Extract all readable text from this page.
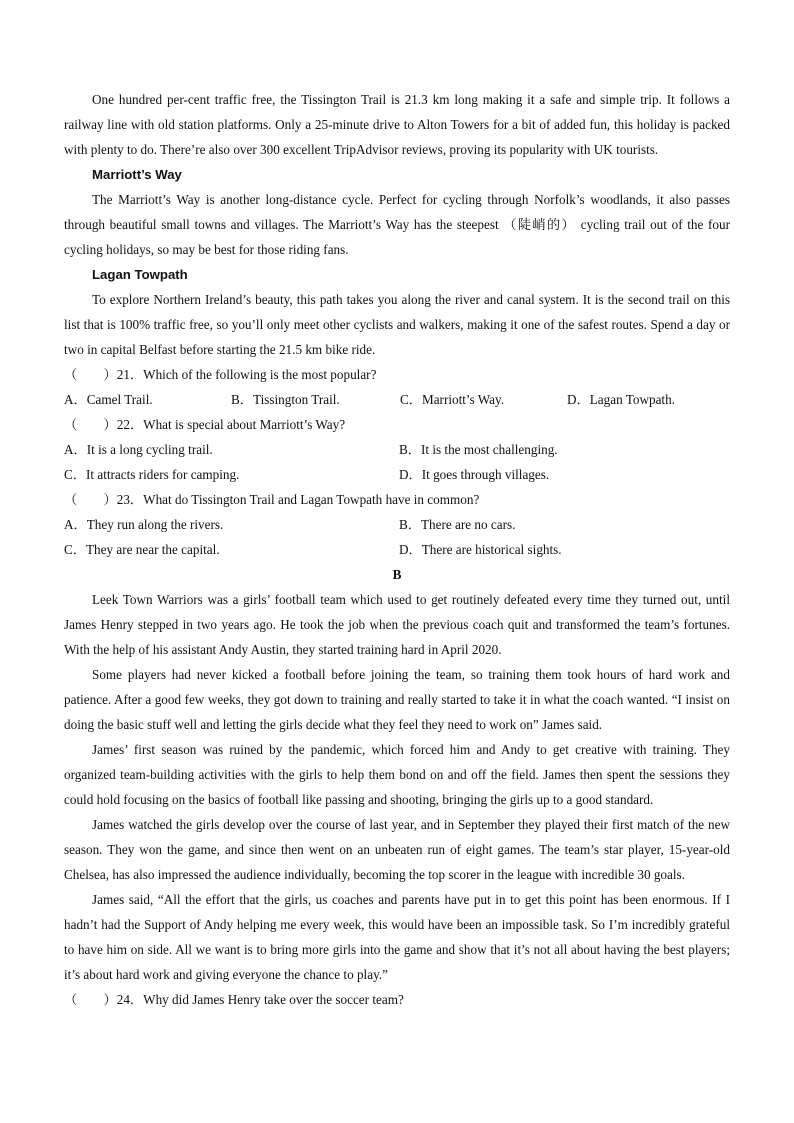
One hundred per-cent traffic free, the Tissington Trail is 21.3 km long making it a safe and simple trip. It follows a railway line with old station platforms. Only a 25-minute drive to Alton Towers for a bit of added fun, this holiday is packed with plenty to do. There’re also over 300 excellent TripAdvisor reviews, proving its popularity with UK tourists.

Marriott’s Way

The Marriott’s Way is another long-distance cycle. Perfect for cycling through Norfolk’s woodlands, it also passes through beautiful small towns and villages. The Marriott’s Way has the steepest （陡峭的） cycling trail out of the four cycling holidays, so may be best for those riding fans.

Lagan Towpath

To explore Northern Ireland’s beauty, this path takes you along the river and canal system. It is the second trail on this list that is 100% traffic free, so you’ll only meet other cyclists and walkers, making it one of the safest routes. Spend a day or two in capital Belfast before starting the 21.5 km bike ride.

（　　）21．Which of the following is the most popular?

A．Camel Trail.	B．Tissington Trail.	C．Marriott’s Way.	D．Lagan Towpath.

（　　）22．What is special about Marriott’s Way?

A．It is a long cycling trail.	B．It is the most challenging.
C．It attracts riders for camping.	D．It goes through villages.

（　　）23．What do Tissington Trail and Lagan Towpath have in common?

A．They run along the rivers.	B．There are no cars.
C．They are near the capital.	D．There are historical sights.

B

Leek Town Warriors was a girls’ football team which used to get routinely defeated every time they turned out, until James Henry stepped in two years ago. He took the job when the previous coach quit and transformed the team’s fortunes. With the help of his assistant Andy Austin, they started training hard in April 2020.

Some players had never kicked a football before joining the team, so training them took hours of hard work and patience. After a good few weeks, they got down to training and really started to take it in what the coach wanted. “I insist on doing the basic stuff well and letting the girls decide what they feel they need to work on” James said.

James’ first season was ruined by the pandemic, which forced him and Andy to get creative with training. They organized team-building activities with the girls to help them bond on and off the field. James then spent the sessions they could hold focusing on the basics of football like passing and shooting, bringing the girls up to a good standard.

James watched the girls develop over the course of last year, and in September they played their first match of the new season. They won the game, and since then went on an unbeaten run of eight games. The team’s star player, 15-year-old Chelsea, has also impressed the audience individually, becoming the top scorer in the league with incredible 30 goals.

James said, “All the effort that the girls, us coaches and parents have put in to get this point has been enormous. If I hadn’t had the Support of Andy helping me every week, this would have been an impossible task. So I’m incredibly grateful to have him on side. All we want is to bring more girls into the game and show that it’s not all about having the best players; it’s about hard work and giving everyone the chance to play.”

（　　）24．Why did James Henry take over the soccer team?
